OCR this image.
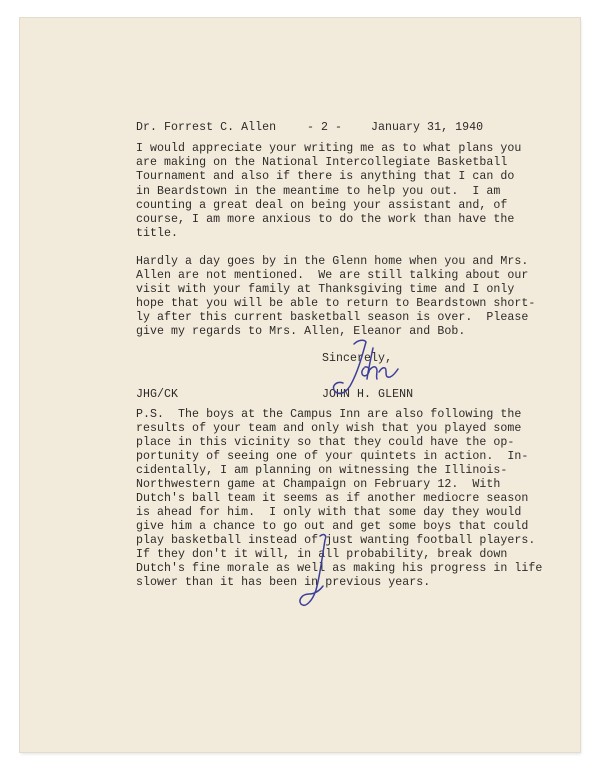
Dr. Forrest C. Allen	- 2 - January 31, 1940
I would appreciate your writing me as to what plans you
are making on the National Intercollegiate Basketball
Tournament and also if there is anything that I can do
in Beardstown in the meantime to help you out.  I am
counting a great deal on being your assistant and, of
course, I am more anxious to do the work than have the
title.
Hardly a day goes by in the Glenn home when you and Mrs.
Allen are not mentioned.  We are still talking about our
visit with your family at Thanksgiving time and I only
hope that you will be able to return to Beardstown short-
ly after this current basketball season is over.  Please
give my regards to Mrs. Allen, Eleanor and Bob.
Sincerely,
JHG/CK	JOHN H. GLENN
P.S.  The boys at the Campus Inn are also following the
results of your team and only wish that you played some
place in this vicinity so that they could have the op-
portunity of seeing one of your quintets in action.  In-
cidentally, I am planning on witnessing the Illinois-
Northwestern game at Champaign on February 12.  With
Dutch's ball team it seems as if another mediocre season
is ahead for him.  I only with that some day they would
give him a chance to go out and get some boys that could
play basketball instead of just wanting football players.
If they don't it will, in all probability, break down
Dutch's fine morale as well as making his progress in life
slower than it has been in previous years.
